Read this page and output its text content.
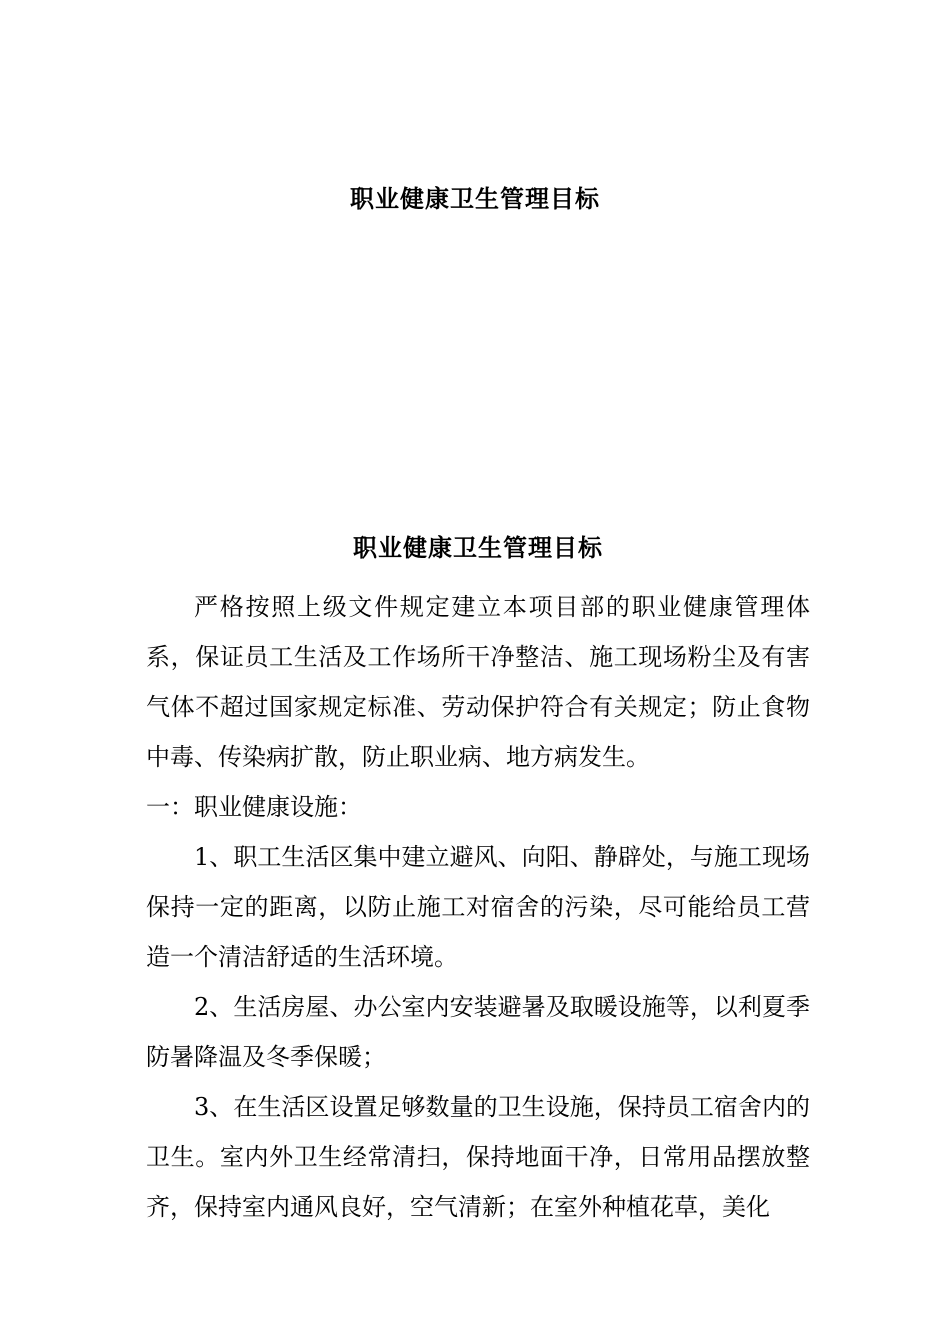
职业健康卫生管理目标
职业健康卫生管理目标

严格按照上级文件规定建立本项目部的职业健康管理体系，保证员工生活及工作场所干净整洁、施工现场粉尘及有害气体不超过国家规定标准、劳动保护符合有关规定；防止食物中毒、传染病扩散，防止职业病、地方病发生。

一：职业健康设施：

1、职工生活区集中建立避风、向阳、静辟处，与施工现场保持一定的距离，以防止施工对宿舍的污染，尽可能给员工营造一个清洁舒适的生活环境。

2、生活房屋、办公室内安装避暑及取暖设施等，以利夏季防暑降温及冬季保暖；

3、在生活区设置足够数量的卫生设施，保持员工宿舍内的卫生。室内外卫生经常清扫，保持地面干净，日常用品摆放整齐，保持室内通风良好，空气清新；在室外种植花草，美化
